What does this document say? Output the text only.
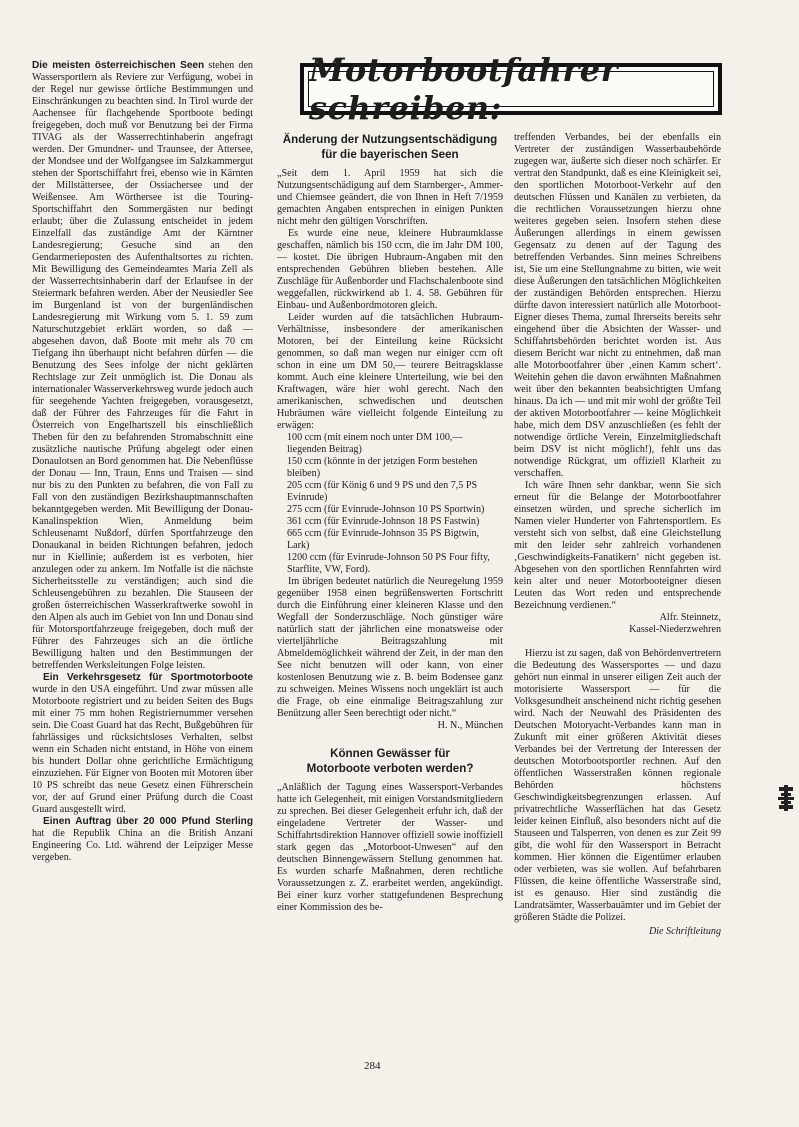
Die meisten österreichischen Seen stehen den Wassersportlern als Reviere zur Verfügung, wobei in der Regel nur gewisse örtliche Bestimmungen und Einschränkungen zu beachten sind. In Tirol wurde der Aachensee für flachgehende Sportboote bedingt freigegeben, doch muß vor Benutzung bei der Firma TIVAG als der Wasserrechtinhaberin angefragt werden. Der Gmundner- und Traunsee, der Attersee, der Mondsee und der Wolfgangsee im Salzkammergut stehen der Sportschiffahrt frei, ebenso wie in Kärnten der Millstättersee, der Ossiachersee und der Weißensee. Am Wörthersee ist die Touring-Sportschiffahrt den Sommergästen nur bedingt erlaubt; über die Zulassung entscheidet in jedem Einzelfall das zuständige Amt der Kärntner Landesregierung; Gesuche sind an den Gendarmerieposten des Aufenthaltsortes zu richten. Mit Bewilligung des Gemeindeamtes Maria Zell als der Wasserrechtsinhaberin darf der Erlaufsee in der Steiermark befahren werden. Aber der Neusiedler See im Burgenland ist von der burgenländischen Landesregierung mit Wirkung vom 5. 1. 59 zum Naturschutzgebiet erklärt worden, so daß — abgesehen davon, daß Boote mit mehr als 70 cm Tiefgang ihn überhaupt nicht befahren dürfen — die Benutzung des Sees infolge der nicht geklärten Rechtslage zur Zeit unmöglich ist. Die Donau als internationaler Wasserverkehrsweg wurde jedoch auch für seegehende Yachten freigegeben, vorausgesetzt, daß der Führer des Fahrzeuges für die Fahrt in Österreich von Engelhartszell bis einschließlich Theben für den zu befahrenden Stromabschnitt eine zusätzliche nautische Prüfung abgelegt oder einen Donaulotsen an Bord genommen hat. Die Nebenflüsse der Donau — Inn, Traun, Enns und Traisen — sind nur bis zu den Punkten zu befahren, die von Fall zu Fall von den zuständigen Bezirkshauptmannschaften bekanntgegeben werden. Mit Bewilligung der Donau-Kanalinspektion Wien, Anmeldung beim Schleusenamt Nußdorf, dürfen Sportfahrzeuge den Donaukanal in beiden Richtungen befahren, jedoch nur in Kiellinie; außerdem ist es verboten, hier anzulegen oder zu ankern. Im Notfalle ist die nächste Sicherheitsstelle zu verständigen; auch sind die Schleusengebühren zu bezahlen. Die Stauseen der großen österreichischen Wasserkraftwerke sowohl in den Alpen als auch im Gebiet von Inn und Donau sind für Motorsportfahrzeuge freigegeben, doch muß der Führer des Fahrzeuges sich an die örtliche Bewilligung halten und den Bestimmungen der betreffenden Werksleitungen Folge leisten.

Ein Verkehrsgesetz für Sportmotorboote wurde in den USA eingeführt. Und zwar müssen alle Motorboote registriert und zu beiden Seiten des Bugs mit einer 75 mm hohen Registriernummer versehen sein. Die Coast Guard hat das Recht, Bußgebühren für fahrlässiges und rücksichtsloses Verhalten, selbst wenn ein Schaden nicht entstand, in Höhe von einem bis hundert Dollar ohne gerichtliche Ermächtigung einzuziehen. Für Eigner von Booten mit Motoren über 10 PS schreibt das neue Gesetz einen Führerschein vor, der auf Grund einer Prüfung durch die Coast Guard ausgestellt wird.

Einen Auftrag über 20 000 Pfund Sterling hat die Republik China an die British Anzani Engineering Co. Ltd. während der Leipziger Messe vergeben.

Motorbootfahrer schreiben:
Änderung der Nutzungsentschädigung
für die bayerischen Seen

„Seit dem 1. April 1959 hat sich die Nutzungsentschädigung auf dem Starnberger-, Ammer- und Chiemsee geändert, die von Ihnen in Heft 7/1959 gemachten Angaben entsprechen in einigen Punkten nicht mehr den gültigen Vorschriften.

Es wurde eine neue, kleinere Hubraumklasse geschaffen, nämlich bis 150 ccm, die im Jahr DM 100,— kostet. Die übrigen Hubraum-Angaben mit den entsprechenden Gebühren blieben bestehen. Alle Zuschläge für Außenborder und Flachschalenboote sind weggefallen, rückwirkend ab 1. 4. 58. Gebühren für Einbau- und Außenbordmotoren gleich.

Leider wurden auf die tatsächlichen Hubraum-Verhältnisse, insbesondere der amerikanischen Motoren, bei der Einteilung keine Rücksicht genommen, so daß man wegen nur einiger ccm oft schon in eine um DM 50,— teurere Beitragsklasse kommt. Auch eine kleinere Unterteilung, wie bei den Kraftwagen, wäre hier wohl gerecht. Nach den amerikanischen, schwedischen und deutschen Hubräumen wäre vielleicht folgende Einteilung zu erwägen:

100 ccm (mit einem noch unter DM 100,— liegenden Beitrag)

150 ccm (könnte in der jetzigen Form bestehen bleiben)

205 ccm (für König 6 und 9 PS und den 7,5 PS Evinrude)

275 ccm (für Evinrude-Johnson 10 PS Sportwin)

361 ccm (für Evinrude-Johnson 18 PS Fastwin)

665 ccm (für Evinrude-Johnson 35 PS Bigtwin, Lark)

1200 ccm (für Evinrude-Johnson 50 PS Four fifty, Starflite, VW, Ford).

Im übrigen bedeutet natürlich die Neuregelung 1959 gegenüber 1958 einen begrüßenswerten Fortschritt durch die Einführung einer kleineren Klasse und den Wegfall der Sonderzuschläge. Noch günstiger wäre natürlich statt der jährlichen eine monatsweise oder vierteljährliche Beitragszahlung mit Abmeldemöglichkeit während der Zeit, in der man den See nicht benutzen will oder kann, von einer kostenlosen Benutzung wie z. B. beim Bodensee ganz zu schweigen. Meines Wissens noch ungeklärt ist auch die Frage, ob eine einmalige Beitragszahlung zur Benützung aller Seen berechtigt oder nicht.“

H. N., München

Können Gewässer für
Motorboote verboten werden?

„Anläßlich der Tagung eines Wassersport-Verbandes hatte ich Gelegenheit, mit einigen Vorstandsmitgliedern zu sprechen. Bei dieser Gelegenheit erfuhr ich, daß der eingeladene Vertreter der Wasser- und Schiffahrtsdirektion Hannover offiziell sowie inoffiziell stark gegen das „Motorboot-Unwesen“ auf den deutschen Binnengewässern Stellung genommen hat. Es wurden scharfe Maßnahmen, deren rechtliche Voraussetzungen z. Z. erarbeitet werden, angekündigt. Bei einer kurz vorher stattgefundenen Besprechung einer Kommission des be-

treffenden Verbandes, bei der ebenfalls ein Vertreter der zuständigen Wasserbaubehörde zugegen war, äußerte sich dieser noch schärfer. Er vertrat den Standpunkt, daß es eine Kleinigkeit sei, den sportlichen Motorboot-Verkehr auf den deutschen Flüssen und Kanälen zu verbieten, da die rechtlichen Voraussetzungen hierzu ohne weiteres gegeben seien. Insofern stehen diese Äußerungen allerdings in einem gewissen Gegensatz zu denen auf der Tagung des betreffenden Verbandes. Sinn meines Schreibens ist, Sie um eine Stellungnahme zu bitten, wie weit diese Äußerungen den tatsächlichen Möglichkeiten der zuständigen Behörden entsprechen. Hierzu dürfte davon interessiert natürlich alle Motorboot-Eigner dieses Thema, zumal Ihrerseits bereits sehr eingehend über die Absichten der Wasser- und Schiffahrtsbehörden berichtet worden ist. Aus diesem Bericht war nicht zu entnehmen, daß man alle Motorbootfahrer über ‚einen Kamm schert‘. Weitehin gehen die davon erwähnten Maßnahmen weit über den bekannten beabsichtigten Umfang hinaus. Da ich — und mit mir wohl der größte Teil der aktiven Motorbootfahrer — keine Möglichkeit habe, mich dem DSV anzuschließen (es fehlt der notwendige örtliche Verein, Einzelmitgliedschaft beim DSV ist nicht möglich!), fehlt uns das notwendige Rückgrat, um offiziell Klarheit zu verschaffen.

Ich wäre Ihnen sehr dankbar, wenn Sie sich erneut für die Belange der Motorbootfahrer einsetzen würden, und spreche sicherlich im Namen vieler Hunderter von Fahrtensportlern. Es versteht sich von selbst, daß eine Gleichstellung mit den leider sehr zahlreich vorhandenen ‚Geschwindigkeits-Fanatikern‘ nicht gegeben ist. Abgesehen von den sportlichen Rennfahrten wird kein alter und neuer Motorbooteigner diesen Leuten das Wort reden und entsprechende Bezeichnung verdienen.“

Alfr. Steinnetz,

Kassel-Niederzwehren

Hierzu ist zu sagen, daß von Behördenvertretern die Bedeutung des Wassersportes — und dazu gehört nun einmal in unserer eiligen Zeit auch der motorisierte Wassersport — für die Volksgesundheit anscheinend nicht richtig gesehen wird. Nach der Neuwahl des Präsidenten des Deutschen Motoryacht-Verbandes kann man in Zukunft mit einer größeren Aktivität dieses Verbandes bei der Vertretung der Interessen der deutschen Motorbootsportler rechnen. Auf den öffentlichen Wasserstraßen können regionale Behörden höchstens Geschwindigkeitsbegrenzungen erlassen. Auf privatrechtliche Wasserflächen hat das Gesetz leider keinen Einfluß, also besonders nicht auf die Stauseen und Talsperren, von denen es zur Zeit 99 gibt, die wohl für den Wassersport in Betracht kommen. Hier können die Eigentümer erlauben oder verbieten, was sie wollen. Auf befahrbaren Flüssen, die keine öffentliche Wasserstraße sind, ist es genauso. Hier sind zuständig die Landratsämter, Wasserbauämter und im Gebiet der größeren Städte die Polizei.

Die Schriftleitung

284
